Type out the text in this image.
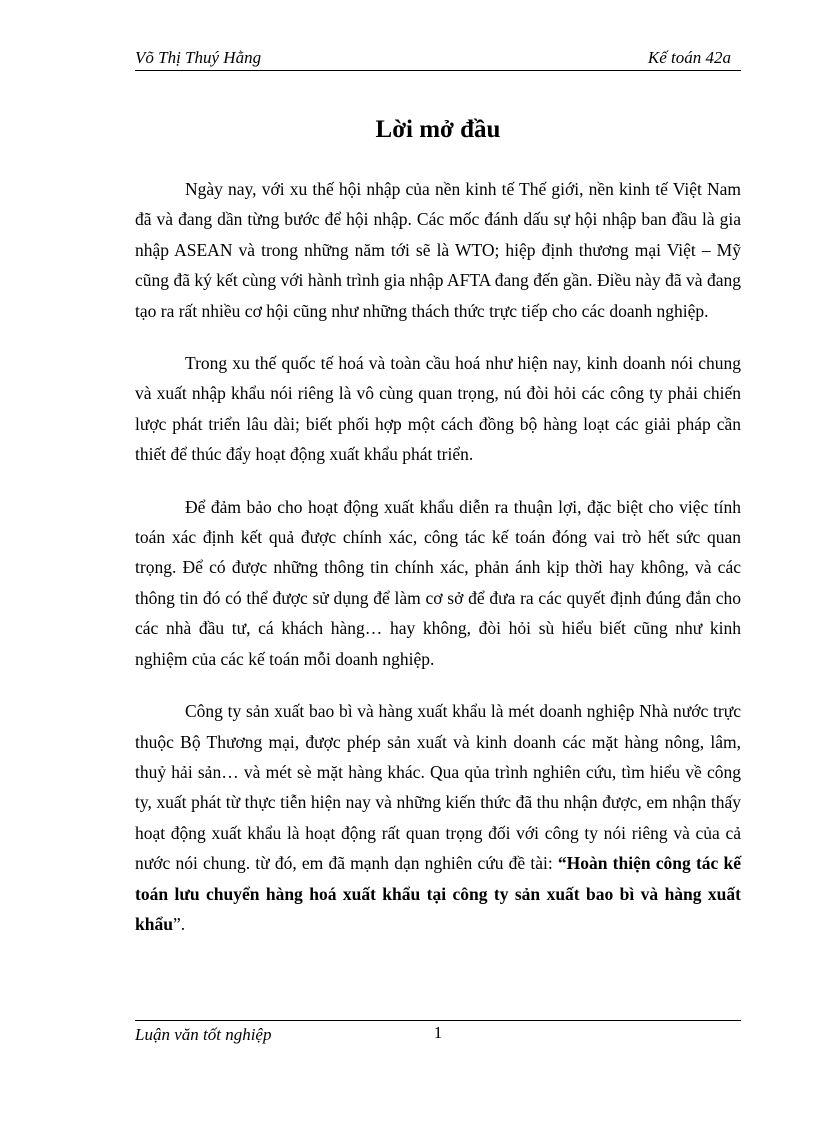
Võ Thị Thuý Hằng	Kế toán 42a
Lời mở đầu

Ngày nay, với xu thế hội nhập của nền kinh tế Thế giới, nền kinh tế Việt Nam đã và đang dần từng bước để hội nhập. Các mốc đánh dấu sự hội nhập ban đầu là gia nhập ASEAN và trong những năm tới sẽ là WTO; hiệp định thương mại Việt – Mỹ cũng đã ký kết cùng với hành trình gia nhập AFTA đang đến gần. Điều này đã và đang tạo ra rất nhiều cơ hội cũng như những thách thức trực tiếp cho các doanh nghiệp.

Trong xu thế quốc tế hoá và toàn cầu hoá như hiện nay, kinh doanh nói chung và xuất nhập khẩu nói riêng là vô cùng quan trọng, nú đòi hỏi các công ty phải chiến lược phát triển lâu dài; biết phối hợp một cách đồng bộ hàng loạt các giải pháp cần thiết để thúc đẩy hoạt động xuất khẩu phát triển.

Để đảm bảo cho hoạt động xuất khẩu diễn ra thuận lợi, đặc biệt cho việc tính toán xác định kết quả được chính xác, công tác kế toán đóng vai trò hết sức quan trọng. Để có được những thông tin chính xác, phản ánh kịp thời hay không, và các thông tin đó có thể được sử dụng để làm cơ sở để đưa ra các quyết định đúng đắn cho các nhà đầu tư, cá khách hàng… hay không, đòi hỏi sù hiểu biết cũng như kinh nghiệm của các kế toán mỗi doanh nghiệp.

Công ty sản xuất bao bì và hàng xuất khẩu là mét doanh nghiệp Nhà nước trực thuộc Bộ Thương mại, được phép sản xuất và kinh doanh các mặt hàng nông, lâm, thuỷ hải sản… và mét sè mặt hàng khác. Qua qủa trình nghiên cứu, tìm hiểu về công ty, xuất phát từ thực tiễn hiện nay và những kiến thức đã thu nhận được, em nhận thấy hoạt động xuất khẩu là hoạt động rất quan trọng đối với công ty nói riêng và của cả nước nói chung. từ đó, em đã mạnh dạn nghiên cứu đề tài: “Hoàn thiện công tác kế toán lưu chuyển hàng hoá xuất khẩu tại công ty sản xuất bao bì và hàng xuất khẩu”.

Luận văn tốt nghiệp	1
